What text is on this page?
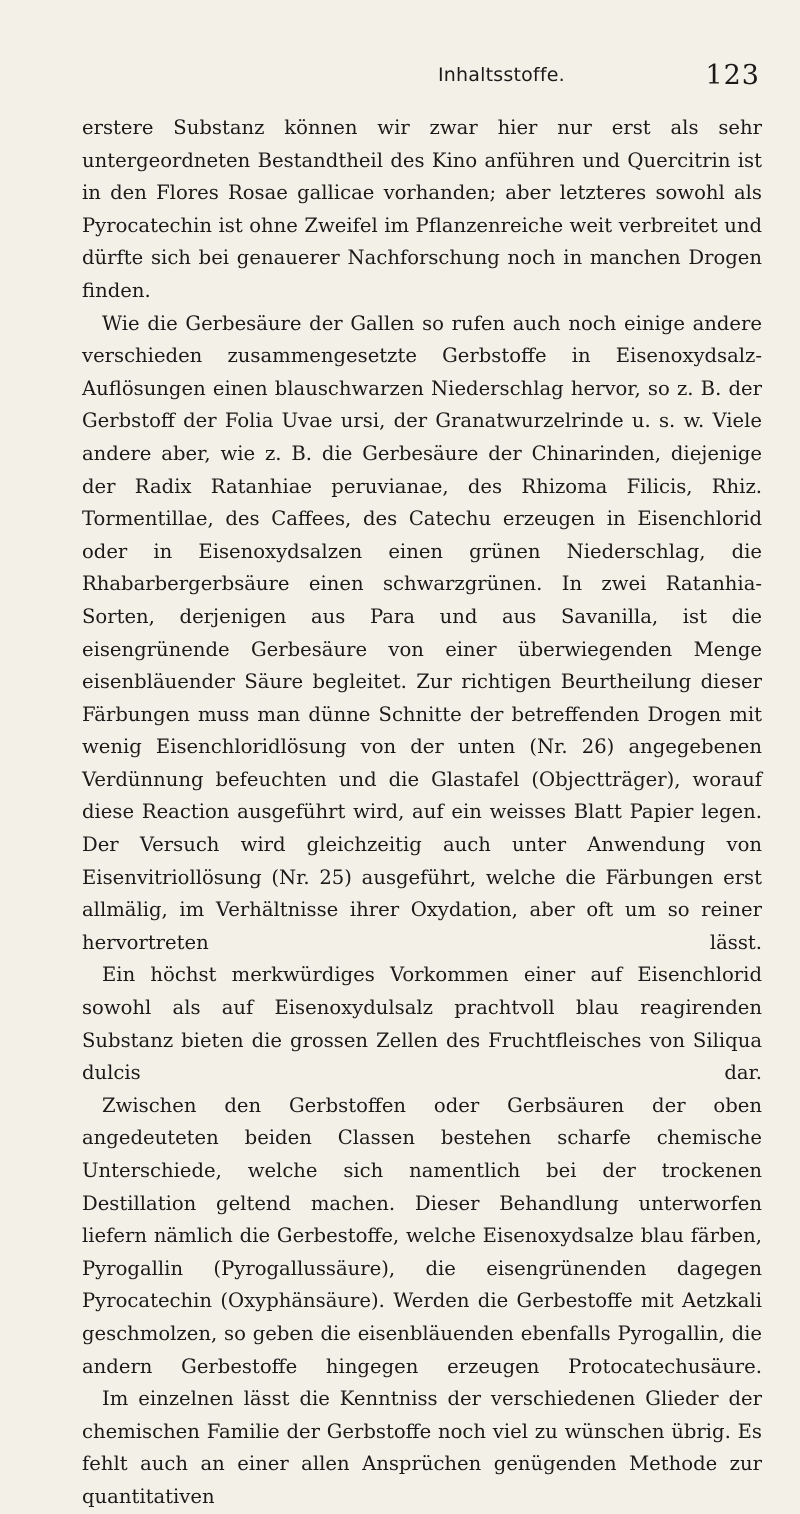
Inhaltsstoffe.	123

erstere Substanz können wir zwar hier nur erst als sehr untergeordneten Bestandtheil des Kino anführen und Quercitrin ist in den Flores Rosae gallicae vorhanden; aber letzteres sowohl als Pyrocatechin ist ohne Zweifel im Pflanzenreiche weit verbreitet und dürfte sich bei genauerer Nachforschung noch in manchen Drogen finden.

Wie die Gerbesäure der Gallen so rufen auch noch einige andere verschieden zusammengesetzte Gerbstoffe in Eisenoxydsalz-Auflösungen einen blauschwarzen Niederschlag hervor, so z. B. der Gerbstoff der Folia Uvae ursi, der Granatwurzelrinde u. s. w. Viele andere aber, wie z. B. die Gerbesäure der Chinarinden, diejenige der Radix Ratanhiae peruvianae, des Rhizoma Filicis, Rhiz. Tormentillae, des Caffees, des Catechu erzeugen in Eisenchlorid oder in Eisenoxydsalzen einen grünen Niederschlag, die Rhabarbergerbsäure einen schwarzgrünen. In zwei Ratanhia-Sorten, derjenigen aus Para und aus Savanilla, ist die eisengrünende Gerbesäure von einer überwiegenden Menge eisenbläuender Säure begleitet. Zur richtigen Beurtheilung dieser Färbungen muss man dünne Schnitte der betreffenden Drogen mit wenig Eisenchloridlösung von der unten (Nr. 26) angegebenen Verdünnung befeuchten und die Glastafel (Objectträger), worauf diese Reaction ausgeführt wird, auf ein weisses Blatt Papier legen. Der Versuch wird gleichzeitig auch unter Anwendung von Eisenvitriollösung (Nr. 25) ausgeführt, welche die Färbungen erst allmälig, im Verhältnisse ihrer Oxydation, aber oft um so reiner hervortreten lässt.

Ein höchst merkwürdiges Vorkommen einer auf Eisenchlorid sowohl als auf Eisenoxydulsalz prachtvoll blau reagirenden Substanz bieten die grossen Zellen des Fruchtfleisches von Siliqua dulcis dar.

Zwischen den Gerbstoffen oder Gerbsäuren der oben angedeuteten beiden Classen bestehen scharfe chemische Unterschiede, welche sich namentlich bei der trockenen Destillation geltend machen. Dieser Behandlung unterworfen liefern nämlich die Gerbestoffe, welche Eisenoxydsalze blau färben, Pyrogallin (Pyrogallussäure), die eisengrünenden dagegen Pyrocatechin (Oxyphänsäure). Werden die Gerbestoffe mit Aetzkali geschmolzen, so geben die eisenbläuenden ebenfalls Pyrogallin, die andern Gerbestoffe hingegen erzeugen Protocatechusäure.

Im einzelnen lässt die Kenntniss der verschiedenen Glieder der chemischen Familie der Gerbstoffe noch viel zu wünschen übrig. Es fehlt auch an einer allen Ansprüchen genügenden Methode zur quantitativen
